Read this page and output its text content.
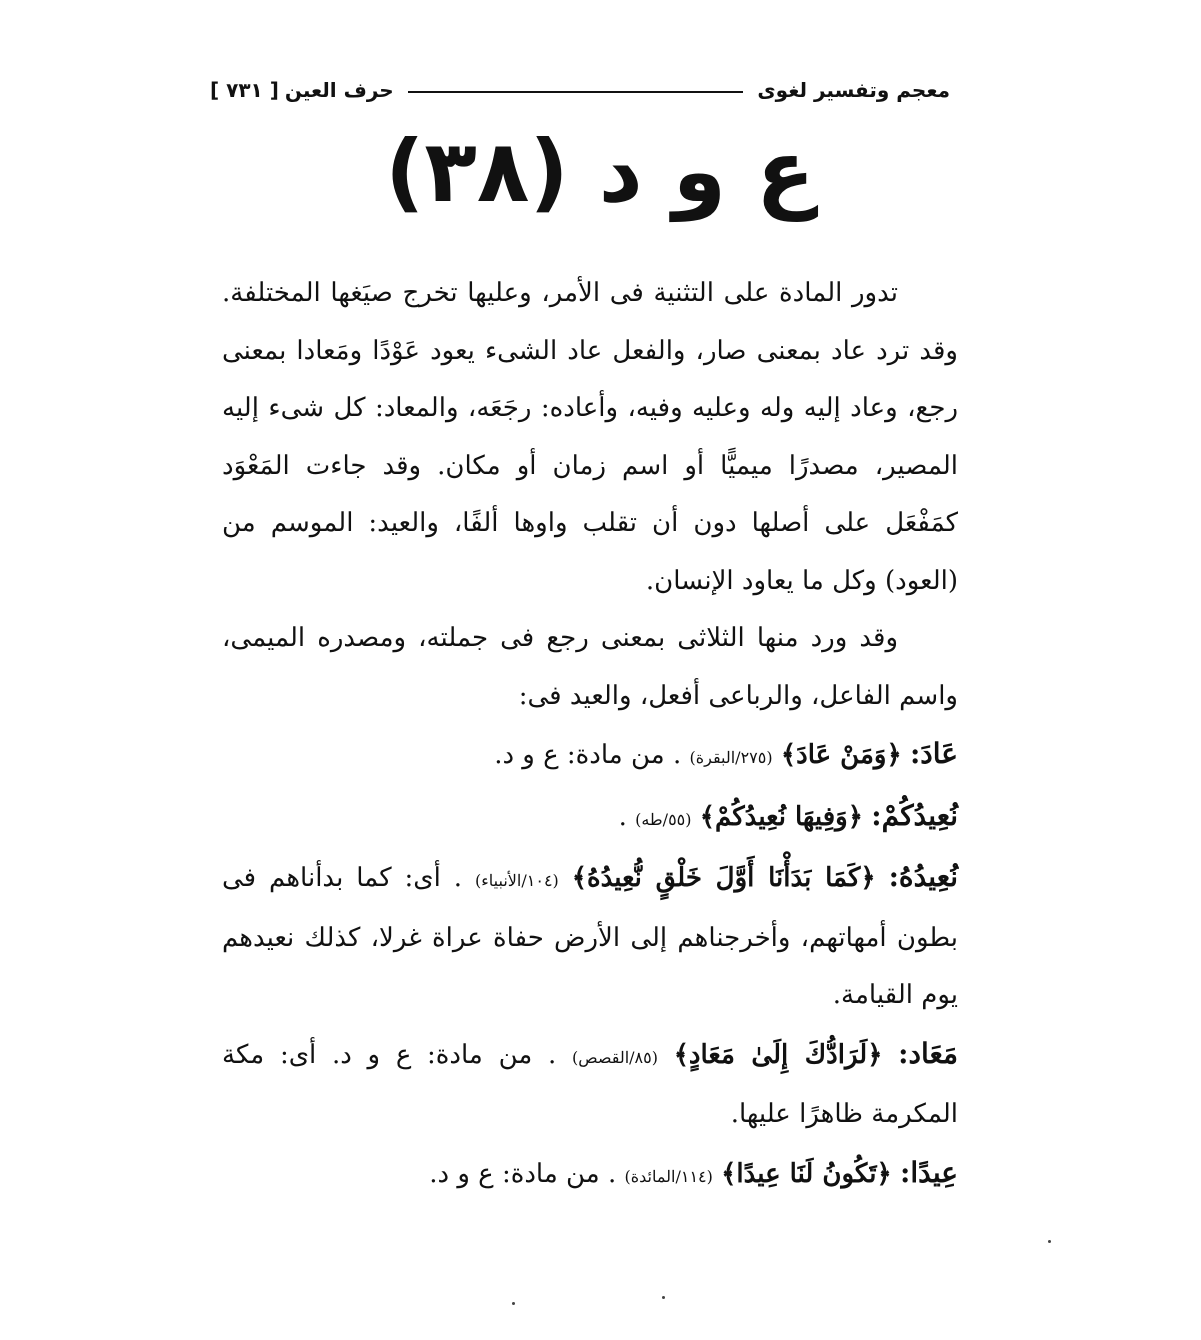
معجم وتفسير لغوى
حرف العين
[ ٧٣١ ]
ع و د (٣٨)

تدور المادة على التثنية فى الأمر، وعليها تخرج صيَغها المختلفة. وقد ترد عاد بمعنى صار، والفعل عاد الشىء يعود عَوْدًا ومَعادا بمعنى رجع، وعاد إليه وله وعليه وفيه، وأعاده: رجَعَه، والمعاد: كل شىء إليه المصير، مصدرًا ميميًّا أو اسم زمان أو مكان. وقد جاءت المَعْوَد كمَفْعَل على أصلها دون أن تقلب واوها ألفًا، والعيد: الموسم من (العود) وكل ما يعاود الإنسان.

وقد ورد منها الثلاثى بمعنى رجع فى جملته، ومصدره الميمى، واسم الفاعل، والرباعى أفعل، والعيد فى:

عَادَ: ﴿وَمَنْ عَادَ﴾ (٢٧٥/البقرة) . من مادة: ع و د.

نُعِيدُكُمْ: ﴿وَفِيهَا نُعِيدُكُمْ﴾ (٥٥/طه) .

نُعِيدُهُ: ﴿كَمَا بَدَأْنَا أَوَّلَ خَلْقٍ نُّعِيدُهُ﴾ (١٠٤/الأنبياء) . أى: كما بدأناهم فى بطون أمهاتهم، وأخرجناهم إلى الأرض حفاة عراة غرلا، كذلك نعيدهم يوم القيامة.

مَعَاد: ﴿لَرَادُّكَ إِلَىٰ مَعَادٍ﴾ (٨٥/القصص) . من مادة: ع و د. أى: مكة المكرمة ظاهرًا عليها.

عِيدًا: ﴿تَكُونُ لَنَا عِيدًا﴾ (١١٤/المائدة) . من مادة: ع و د.
